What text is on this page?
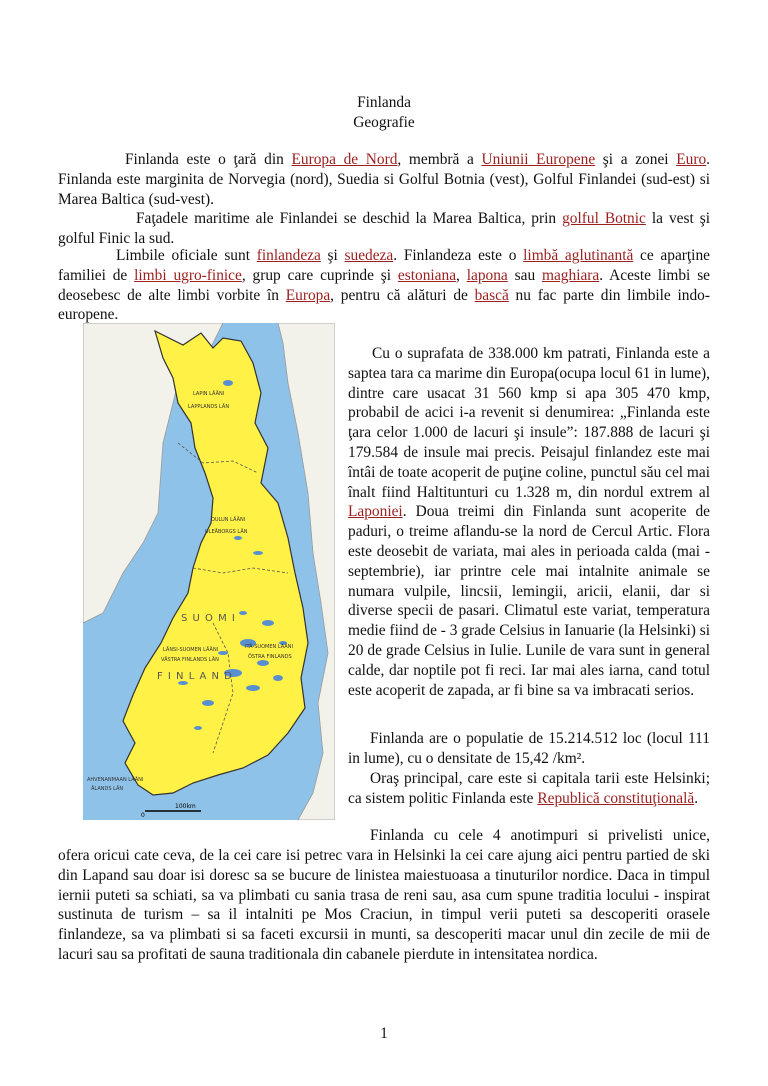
Finlanda
Geografie
Finlanda este o ţară din Europa de Nord, membră a Uniunii Europene şi a zonei Euro. Finlanda este marginita de Norvegia (nord), Suedia si Golful Botnia (vest), Golful Finlandei (sud-est) si Marea Baltica (sud-vest).
Faţadele maritime ale Finlandei se deschid la Marea Baltica, prin golful Botnic la vest şi golful Finic la sud.
Limbile oficiale sunt finlandeza şi suedeza. Finlandeza este o limbă aglutinantă ce aparţine familiei de limbi ugro-finice, grup care cuprinde şi estoniana, lapona sau maghiara. Aceste limbi se deosebesc de alte limbi vorbite în Europa, pentru că alături de bască nu fac parte din limbile indo-europene.
LAPIN LÄÄNI
LAPPLANDS LÄN
OULUN LÄÄNI
ULEÅBORGS LÄN
S U O M I
ITÄ-SUOMEN LÄÄNI
ÖSTRA FINLANDS
LÄNSI-SUOMEN LÄÄNI
VÄSTRA FINLANDS LÄN
F I N L A N D
AHVENANMAAN LÄÄNI
ÅLANDS LÄN
0
100km
Cu o suprafata de 338.000 km patrati, Finlanda este a saptea tara ca marime din Europa(ocupa locul 61 in lume), dintre care usacat 31 560 kmp si apa 305 470 kmp, probabil de acici i-a revenit si denumirea: „Finlanda este ţara celor 1.000 de lacuri şi insule”: 187.888 de lacuri şi 179.584 de insule mai precis. Peisajul finlandez este mai întâi de toate acoperit de puţine coline, punctul său cel mai înalt fiind Haltitunturi cu 1.328 m, din nordul extrem al Laponiei. Doua treimi din Finlanda sunt acoperite de paduri, o treime aflandu-se la nord de Cercul Artic. Flora este deosebit de variata, mai ales in perioada calda (mai - septembrie), iar printre cele mai intalnite animale se numara vulpile, lincsii, lemingii, aricii, elanii, dar si diverse specii de pasari. Climatul este variat, temperatura medie fiind de - 3 grade Celsius in Ianuarie (la Helsinki) si 20 de grade Celsius in Iulie. Lunile de vara sunt in general calde, dar noptile pot fi reci. Iar mai ales iarna, cand totul este acoperit de zapada, ar fi bine sa va imbracati serios.
Finlanda are o populatie de 15.214.512 loc (locul 111 in lume), cu o densitate de 15,42 /km².
Oraş principal, care este si capitala tarii este Helsinki; ca sistem politic Finlanda este Republică constituţională.
Finlanda cu cele 4 anotimpuri si privelisti unice,
ofera oricui cate ceva, de la cei care isi petrec vara in Helsinki la cei care ajung aici pentru partied de ski din Lapand sau doar isi doresc sa se bucure de linistea maiestuoasa a tinuturilor nordice. Daca in timpul iernii puteti sa schiati, sa va plimbati cu sania trasa de reni sau, asa cum spune traditia locului - inspirat sustinuta de turism – sa il intalniti pe Mos Craciun, in timpul verii puteti sa descoperiti orasele finlandeze, sa va plimbati si sa faceti excursii in munti, sa descoperiti macar unul din zecile de mii de lacuri sau sa profitati de sauna traditionala din cabanele pierdute in intensitatea nordica.
1
